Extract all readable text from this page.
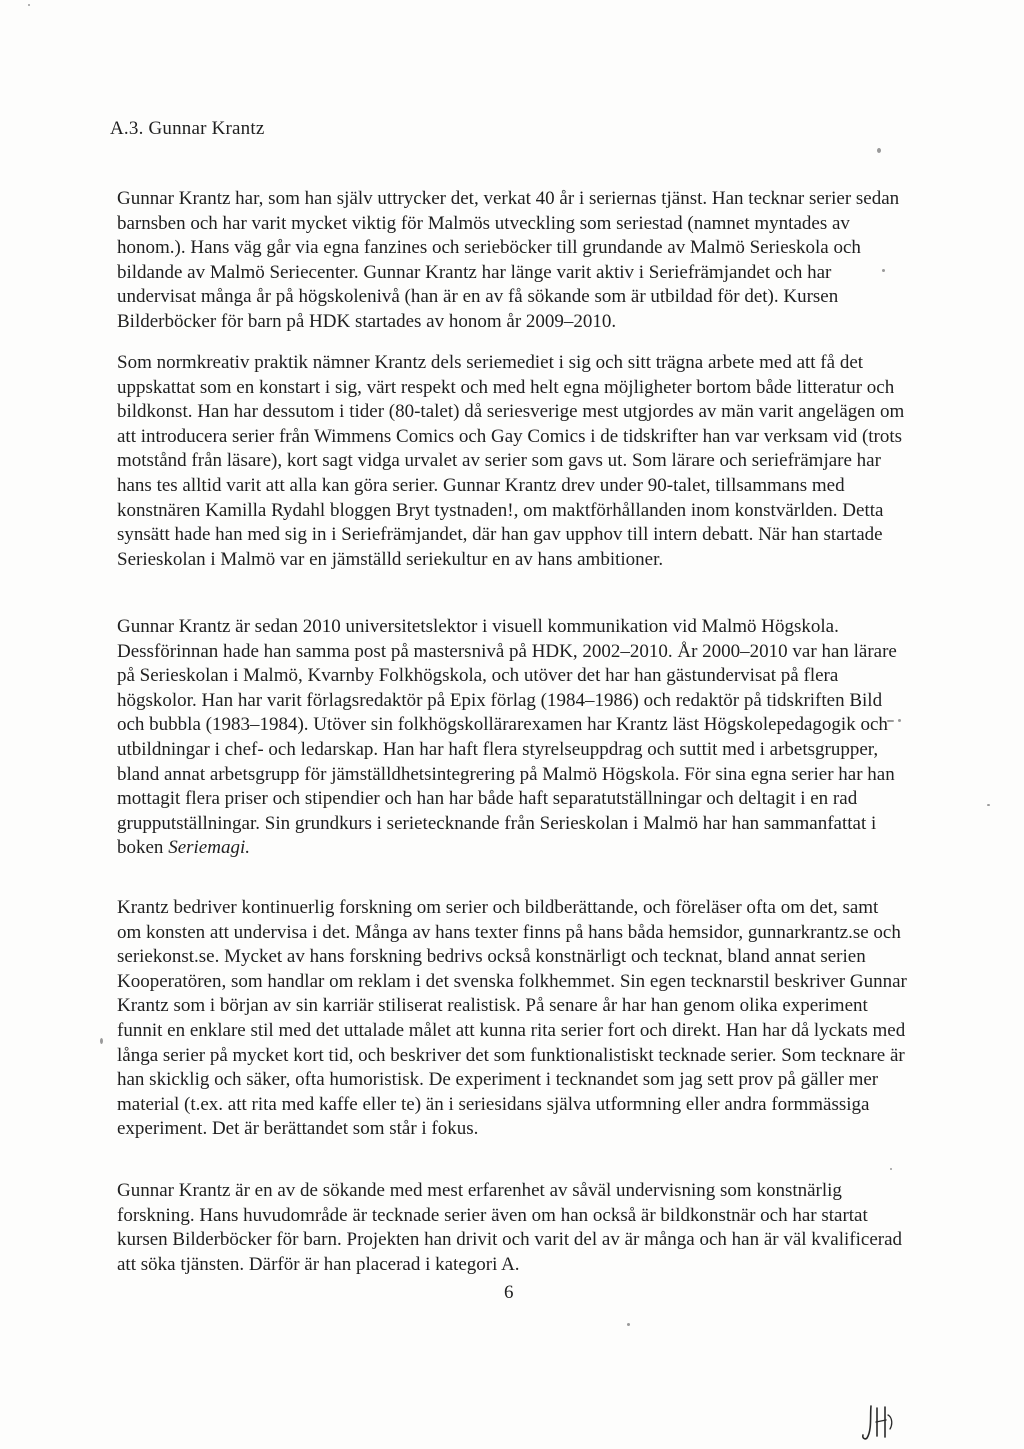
A.3. Gunnar Krantz

Gunnar Krantz har, som han själv uttrycker det, verkat 40 år i seriernas tjänst. Han tecknar serier sedan barnsben och har varit mycket viktig för Malmös utveckling som seriestad (namnet myntades av honom.). Hans väg går via egna fanzines och serieböcker till grundande av Malmö Serieskola och bildande av Malmö Seriecenter. Gunnar Krantz har länge varit aktiv i Seriefrämjandet och har undervisat många år på högskolenivå (han är en av få sökande som är utbildad för det). Kursen Bilderböcker för barn på HDK startades av honom år 2009–2010.

Som normkreativ praktik nämner Krantz dels seriemediet i sig och sitt trägna arbete med att få det uppskattat som en konstart i sig, värt respekt och med helt egna möjligheter bortom både litteratur och bildkonst. Han har dessutom i tider (80-talet) då seriesverige mest utgjordes av män varit angelägen om att introducera serier från Wimmens Comics och Gay Comics i de tidskrifter han var verksam vid (trots motstånd från läsare), kort sagt vidga urvalet av serier som gavs ut. Som lärare och seriefrämjare har hans tes alltid varit att alla kan göra serier. Gunnar Krantz drev under 90-talet, tillsammans med konstnären Kamilla Rydahl bloggen Bryt tystnaden!, om maktförhållanden inom konstvärlden. Detta synsätt hade han med sig in i Seriefrämjandet, där han gav upphov till intern debatt. När han startade Serieskolan i Malmö var en jämställd seriekultur en av hans ambitioner.

Gunnar Krantz är sedan 2010 universitetslektor i visuell kommunikation vid Malmö Högskola. Dessförinnan hade han samma post på mastersnivå på HDK, 2002–2010. År 2000–2010 var han lärare på Serieskolan i Malmö, Kvarnby Folkhögskola, och utöver det har han gästundervisat på flera högskolor. Han har varit förlagsredaktör på Epix förlag (1984–1986) och redaktör på tidskriften Bild och bubbla (1983–1984). Utöver sin folkhögskollärarexamen har Krantz läst Högskolepedagogik och utbildningar i chef- och ledarskap. Han har haft flera styrelseuppdrag och suttit med i arbetsgrupper, bland annat arbetsgrupp för jämställdhetsintegrering på Malmö Högskola. För sina egna serier har han mottagit flera priser och stipendier och han har både haft separatutställningar och deltagit i en rad grupputställningar. Sin grundkurs i serietecknande från Serieskolan i Malmö har han sammanfattat i boken Seriemagi.

Krantz bedriver kontinuerlig forskning om serier och bildberättande, och föreläser ofta om det, samt om konsten att undervisa i det. Många av hans texter finns på hans båda hemsidor, gunnarkrantz.se och seriekonst.se. Mycket av hans forskning bedrivs också konstnärligt och tecknat, bland annat serien Kooperatören, som handlar om reklam i det svenska folkhemmet. Sin egen tecknarstil beskriver Gunnar Krantz som i början av sin karriär stiliserat realistisk. På senare år har han genom olika experiment funnit en enklare stil med det uttalade målet att kunna rita serier fort och direkt. Han har då lyckats med långa serier på mycket kort tid, och beskriver det som funktionalistiskt tecknade serier. Som tecknare är han skicklig och säker, ofta humoristisk. De experiment i tecknandet som jag sett prov på gäller mer material (t.ex. att rita med kaffe eller te) än i seriesidans själva utformning eller andra formmässiga experiment. Det är berättandet som står i fokus.

Gunnar Krantz är en av de sökande med mest erfarenhet av såväl undervisning som konstnärlig forskning. Hans huvudområde är tecknade serier även om han också är bildkonstnär och har startat kursen Bilderböcker för barn. Projekten han drivit och varit del av är många och han är väl kvalificerad att söka tjänsten. Därför är han placerad i kategori A.

6
